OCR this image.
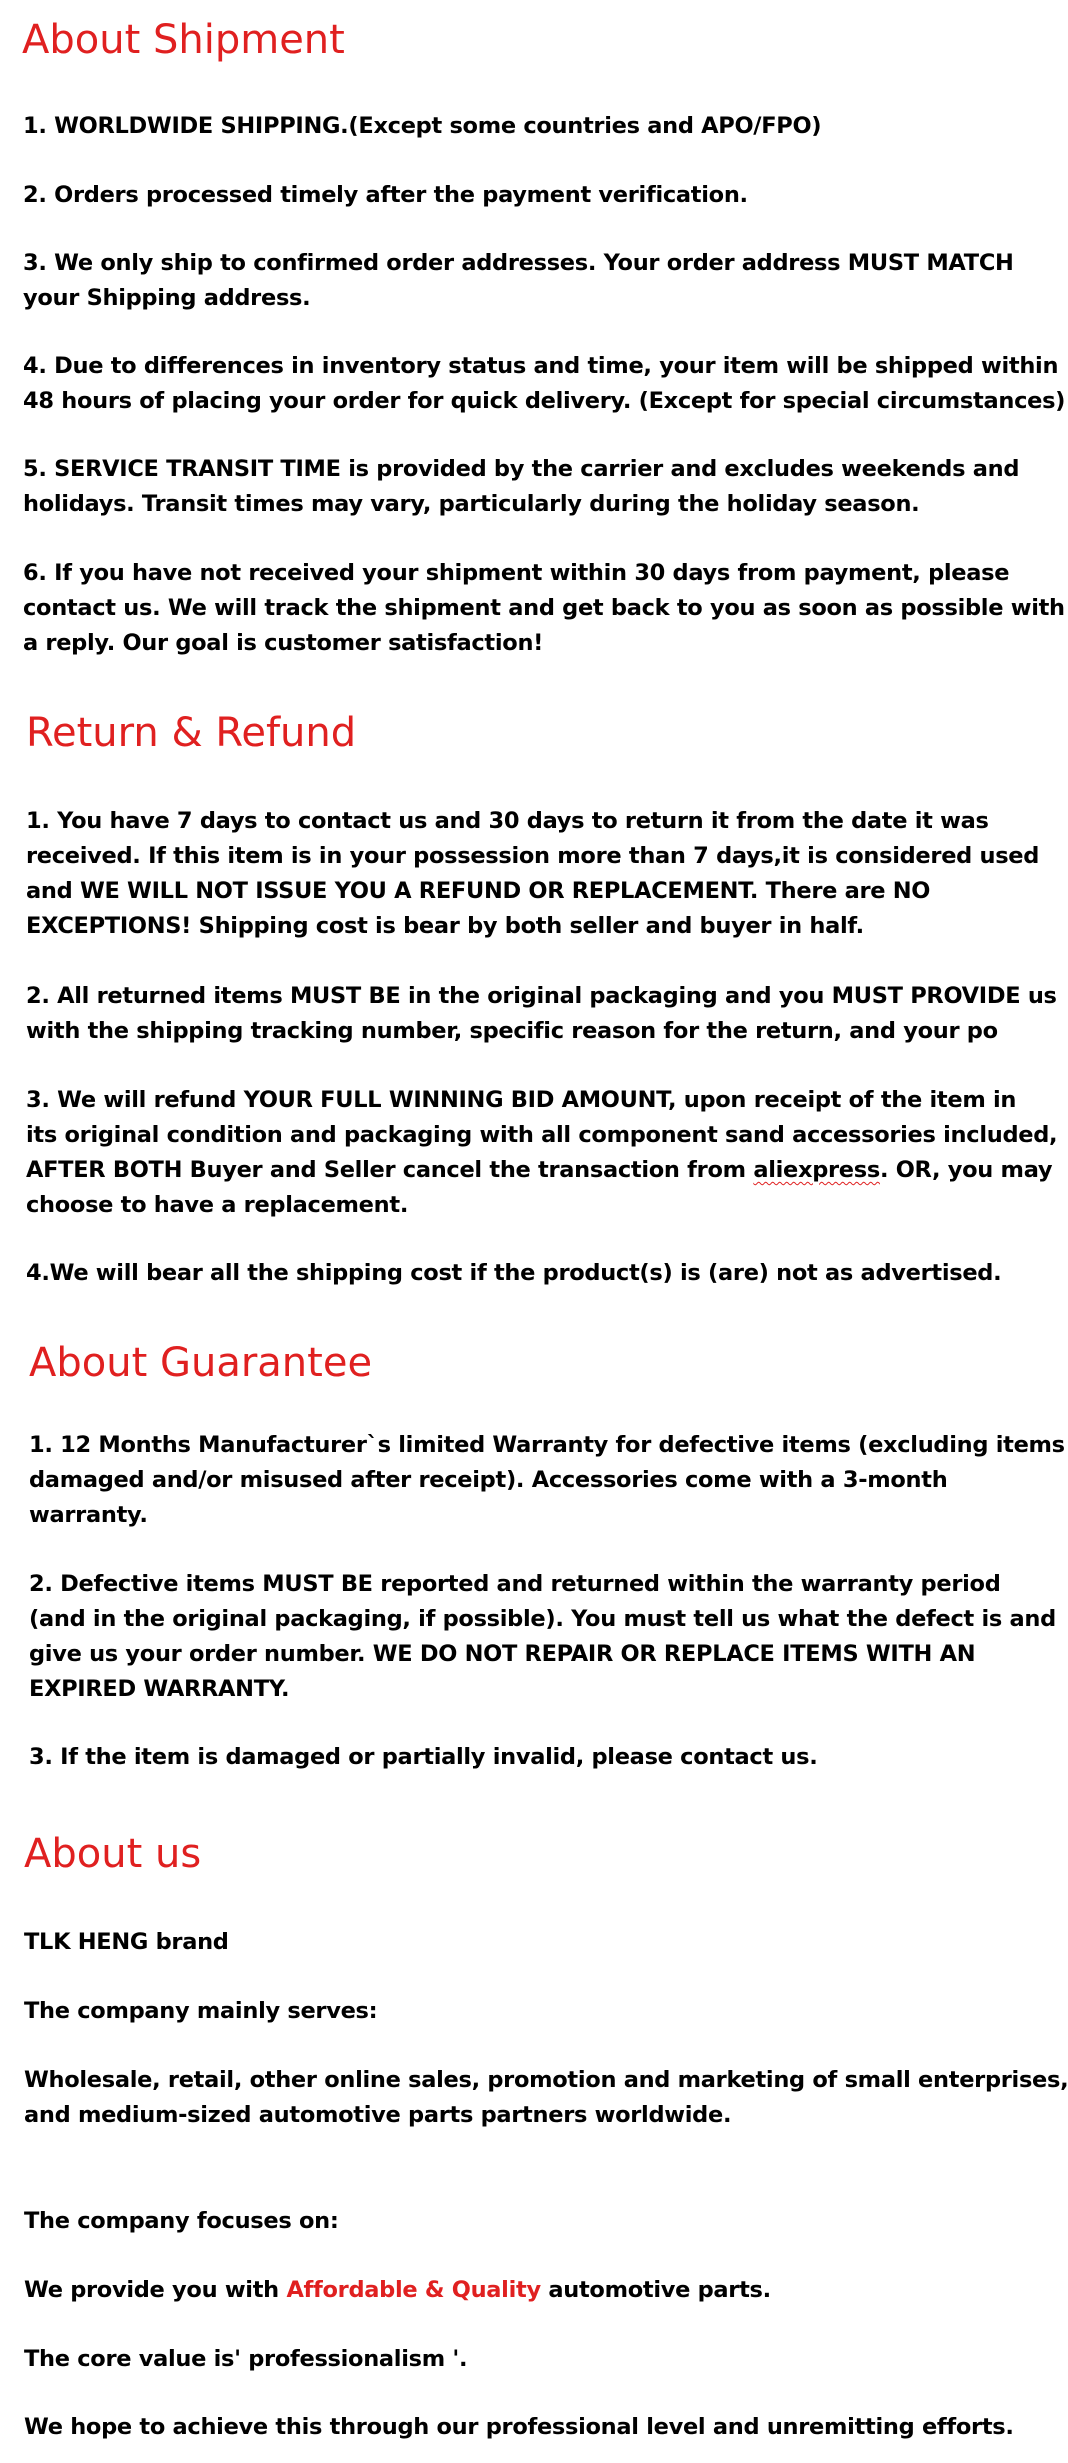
About Shipment

1. WORLDWIDE SHIPPING.(Except some countries and APO/FPO)

2. Orders processed timely after the payment verification.

3. We only ship to confirmed order addresses. Your order address MUST MATCH
your Shipping address.

4. Due to differences in inventory status and time, your item will be shipped within
48 hours of placing your order for quick delivery. (Except for special circumstances)

5. SERVICE TRANSIT TIME is provided by the carrier and excludes weekends and
holidays. Transit times may vary, particularly during the holiday season.

6. If you have not received your shipment within 30 days from payment, please
contact us. We will track the shipment and get back to you as soon as possible with
a reply. Our goal is customer satisfaction!

Return & Refund

1. You have 7 days to contact us and 30 days to return it from the date it was
received. If this item is in your possession more than 7 days,it is considered used
and WE WILL NOT ISSUE YOU A REFUND OR REPLACEMENT. There are NO
EXCEPTIONS! Shipping cost is bear by both seller and buyer in half.

2. All returned items MUST BE in the original packaging and you MUST PROVIDE us
with the shipping tracking number, specific reason for the return, and your po

3. We will refund YOUR FULL WINNING BID AMOUNT, upon receipt of the item in
its original condition and packaging with all component sand accessories included,
AFTER BOTH Buyer and Seller cancel the transaction from aliexpress. OR, you may
choose to have a replacement.

4.We will bear all the shipping cost if the product(s) is (are) not as advertised.

About Guarantee

1. 12 Months Manufacturer`s limited Warranty for defective items (excluding items
damaged and/or misused after receipt). Accessories come with a 3-month
warranty.

2. Defective items MUST BE reported and returned within the warranty period
(and in the original packaging, if possible). You must tell us what the defect is and
give us your order number. WE DO NOT REPAIR OR REPLACE ITEMS WITH AN
EXPIRED WARRANTY.

3. If the item is damaged or partially invalid, please contact us.

About us

TLK HENG brand

The company mainly serves:

Wholesale, retail, other online sales, promotion and marketing of small enterprises,
and medium-sized automotive parts partners worldwide.

The company focuses on:

We provide you with Affordable & Quality automotive parts.

The core value is' professionalism '.

We hope to achieve this through our professional level and unremitting efforts.
